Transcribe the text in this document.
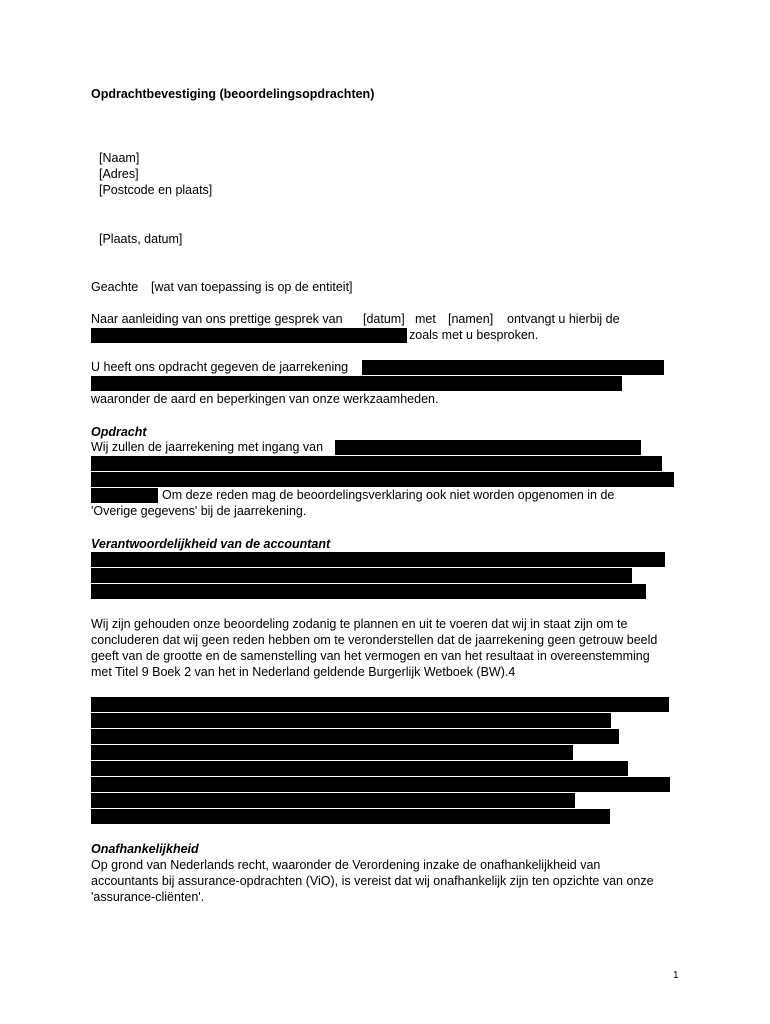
Opdrachtbevestiging (beoordelingsopdrachten)
[Naam]
[Adres]
[Postcode en plaats]
[Plaats, datum]
Geachte [wat van toepassing is op de entiteit]
Naar aanleiding van ons prettige gesprek van [datum] met [namen] ontvangt u hierbij de
zoals met u besproken.
U heeft ons opdracht gegeven de jaarrekening
waaronder de aard en beperkingen van onze werkzaamheden.
Opdracht
Wij zullen de jaarrekening met ingang van
Om deze reden mag de beoordelingsverklaring ook niet worden opgenomen in de
'Overige gegevens' bij de jaarrekening.
Verantwoordelijkheid van de accountant
Wij zijn gehouden onze beoordeling zodanig te plannen en uit te voeren dat wij in staat zijn om te
concluderen dat wij geen reden hebben om te veronderstellen dat de jaarrekening geen getrouw beeld
geeft van de grootte en de samenstelling van het vermogen en van het resultaat in overeenstemming
met Titel 9 Boek 2 van het in Nederland geldende Burgerlijk Wetboek (BW).4
Onafhankelijkheid
Op grond van Nederlands recht, waaronder de Verordening inzake de onafhankelijkheid van
accountants bij assurance-opdrachten (ViO), is vereist dat wij onafhankelijk zijn ten opzichte van onze
'assurance-cliënten'.
1
